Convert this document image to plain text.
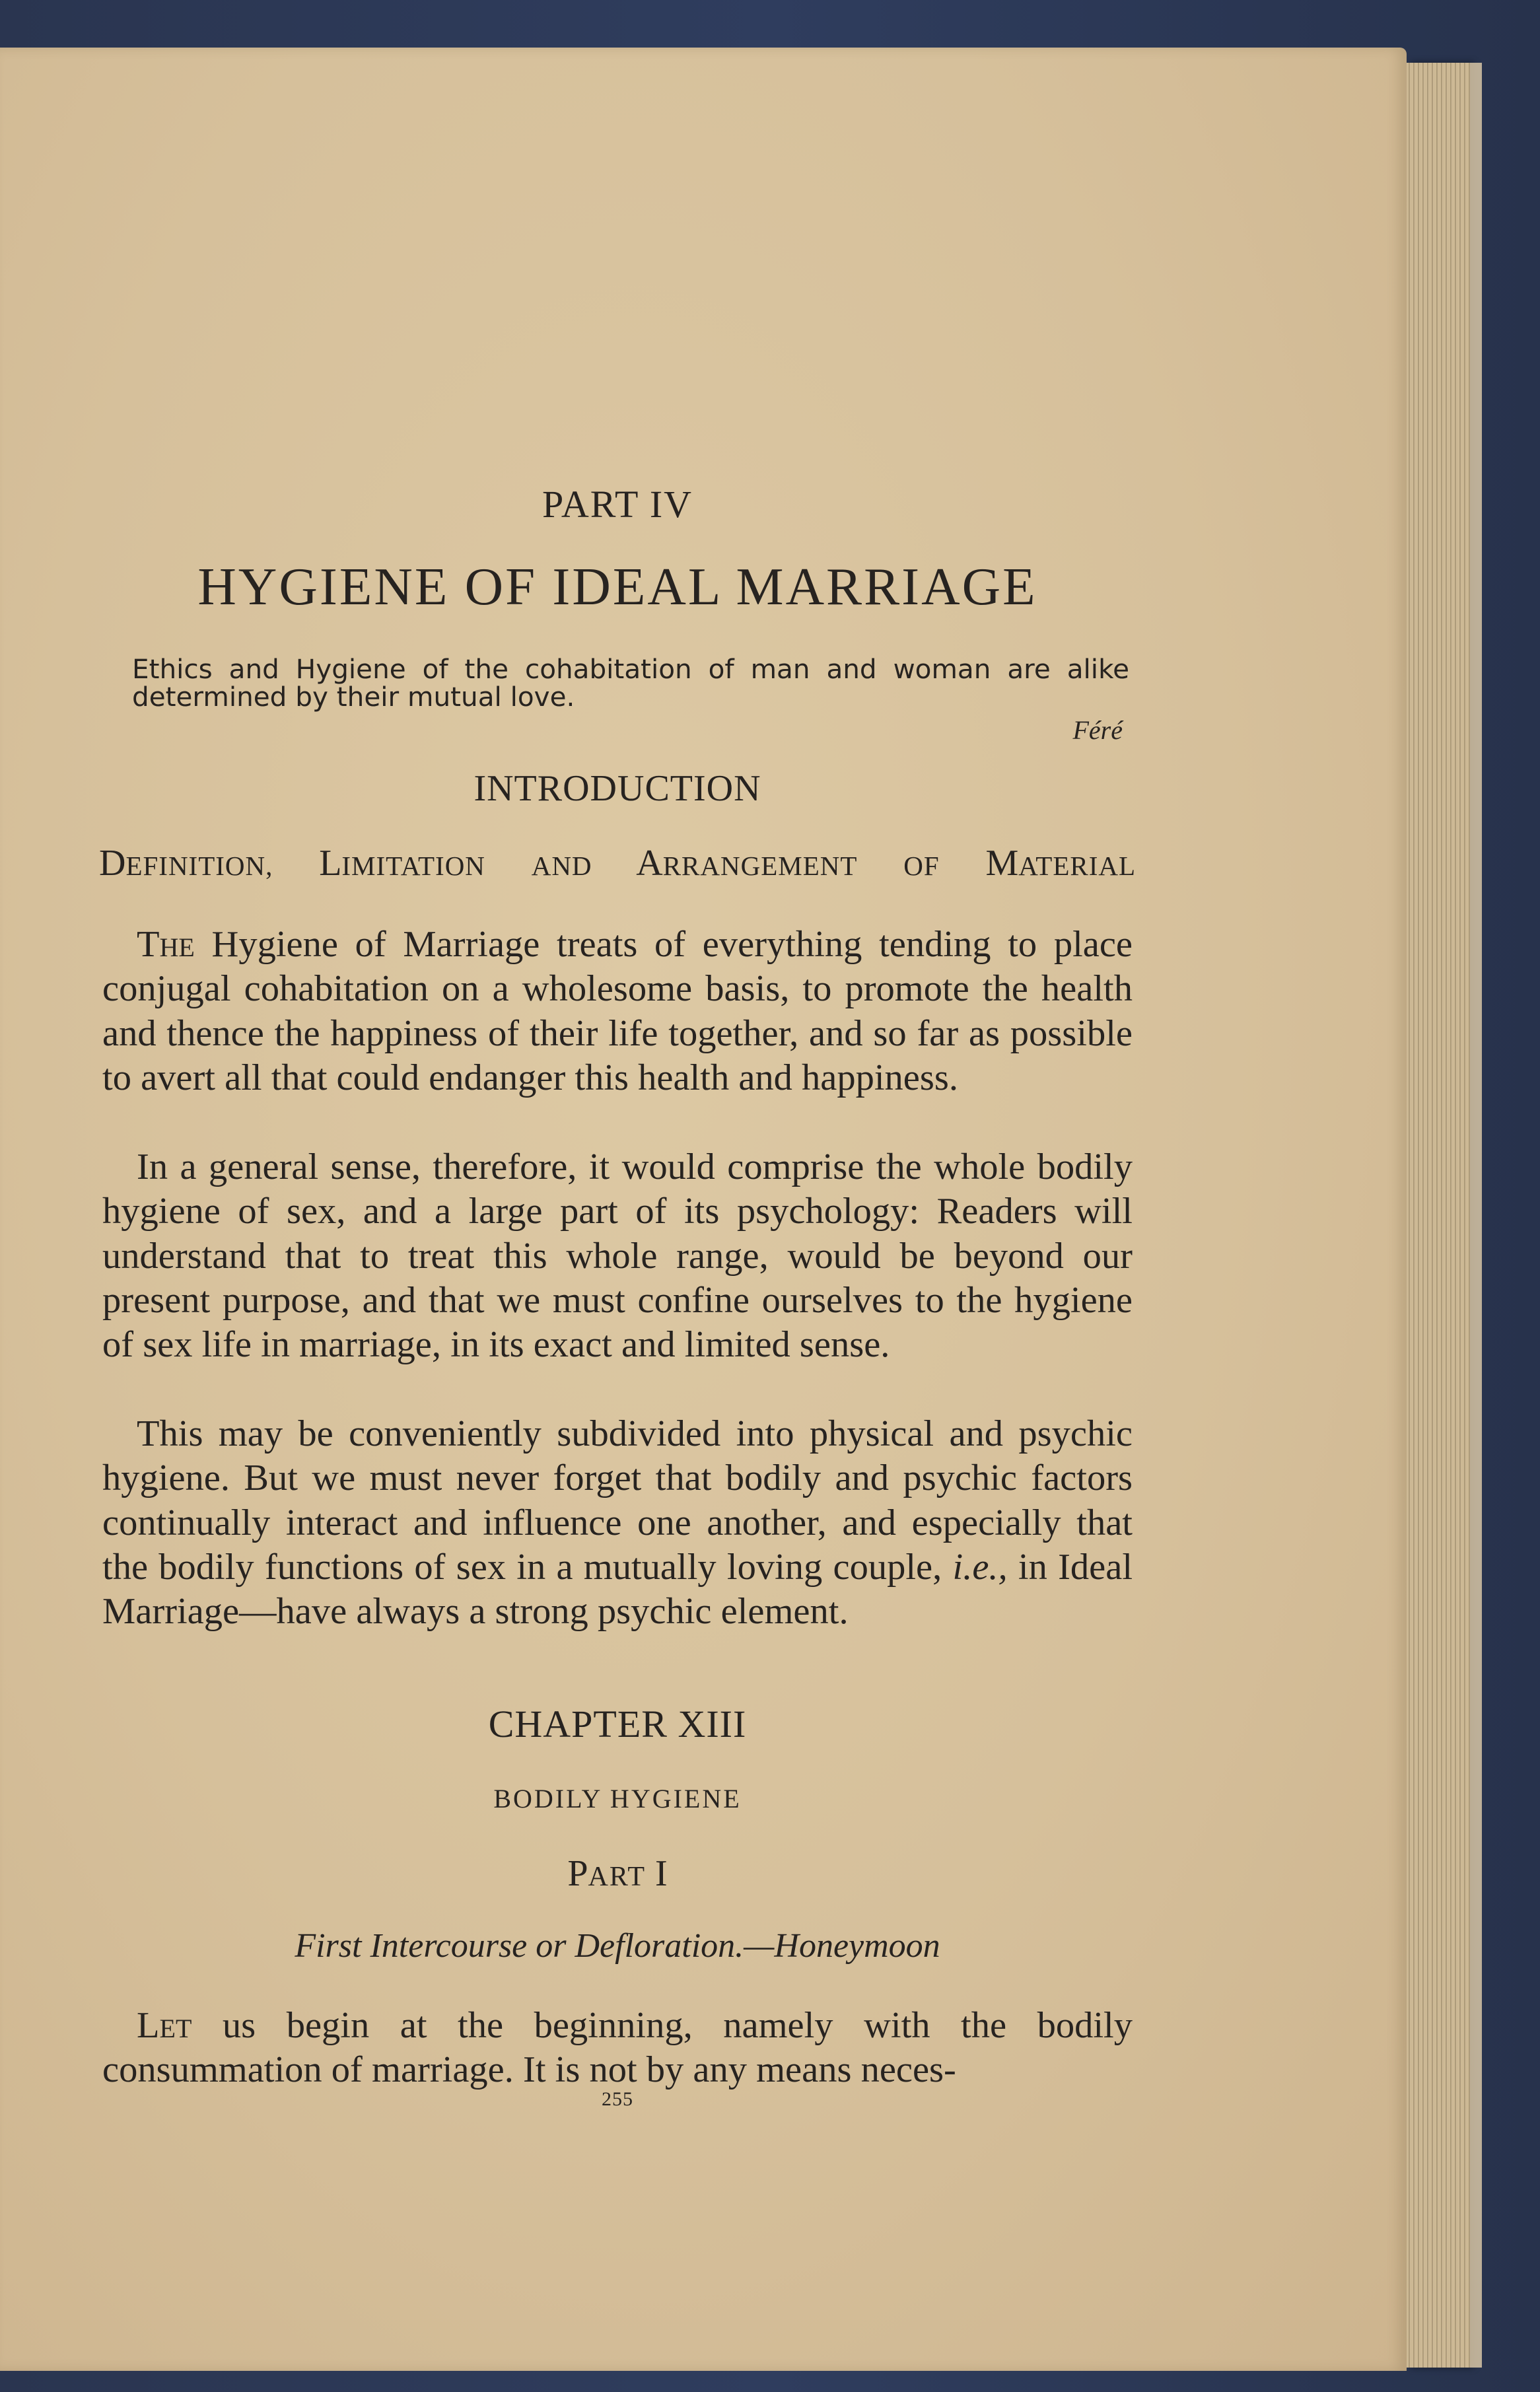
PART IV
HYGIENE OF IDEAL MARRIAGE
Ethics and Hygiene of the cohabitation of man and woman are alike determined by their mutual love.
Féré
INTRODUCTION
DEFINITION, LIMITATION AND ARRANGEMENT OF MATERIAL

The Hygiene of Marriage treats of everything tending to place conjugal cohabitation on a wholesome basis, to promote the health and thence the happiness of their life together, and so far as possible to avert all that could endanger this health and happiness.

In a general sense, therefore, it would comprise the whole bodily hygiene of sex, and a large part of its psychology: Readers will understand that to treat this whole range, would be beyond our present purpose, and that we must confine ourselves to the hygiene of sex life in marriage, in its exact and limited sense.

This may be conveniently subdivided into physical and psychic hygiene. But we must never forget that bodily and psychic factors continually interact and influence one another, and especially that the bodily functions of sex in a mutually loving couple, i.e., in Ideal Marriage—have always a strong psychic element.

CHAPTER XIII
BODILY HYGIENE
PART I
First Intercourse or Defloration.—Honeymoon

Let us begin at the beginning, namely with the bodily consummation of marriage. It is not by any means neces-

255
